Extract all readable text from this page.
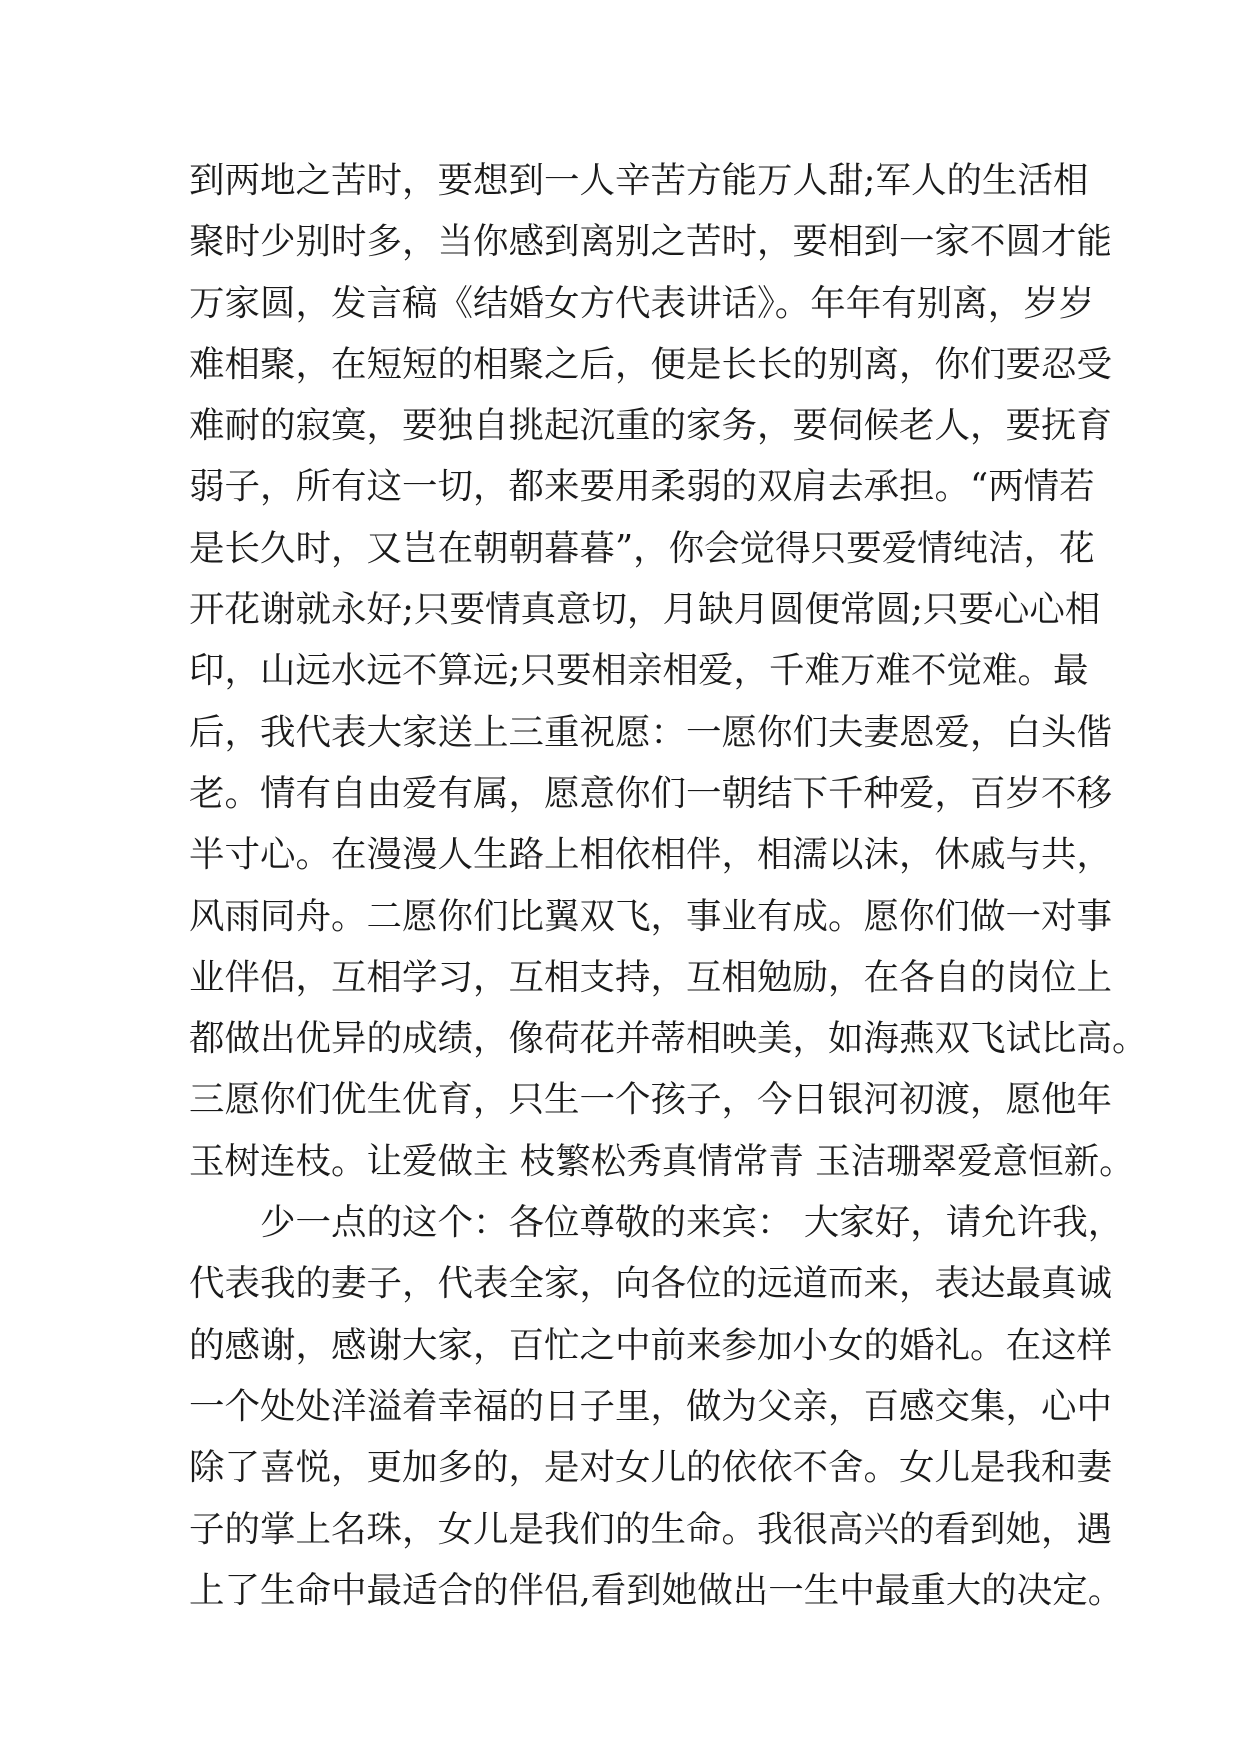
到两地之苦时，要想到一人辛苦方能万人甜;军人的生活相
聚时少别时多，当你感到离别之苦时，要相到一家不圆才能
万家圆，发言稿《结婚女方代表讲话》。年年有别离，岁岁
难相聚，在短短的相聚之后，便是长长的别离，你们要忍受
难耐的寂寞，要独自挑起沉重的家务，要伺候老人，要抚育
弱子，所有这一切，都来要用柔弱的双肩去承担。“两情若
是长久时，又岂在朝朝暮暮”，你会觉得只要爱情纯洁，花
开花谢就永好;只要情真意切，月缺月圆便常圆;只要心心相
印，山远水远不算远;只要相亲相爱，千难万难不觉难。最
后，我代表大家送上三重祝愿：一愿你们夫妻恩爱，白头偕
老。情有自由爱有属，愿意你们一朝结下千种爱，百岁不移
半寸心。在漫漫人生路上相依相伴，相濡以沫，休戚与共，
风雨同舟。二愿你们比翼双飞，事业有成。愿你们做一对事
业伴侣，互相学习，互相支持，互相勉励，在各自的岗位上
都做出优异的成绩，像荷花并蒂相映美，如海燕双飞试比高。
三愿你们优生优育，只生一个孩子，今日银河初渡，愿他年
玉树连枝。让爱做主 枝繁松秀真情常青 玉洁珊翠爱意恒新。
少一点的这个：各位尊敬的来宾： 大家好，请允许我，
代表我的妻子，代表全家，向各位的远道而来，表达最真诚
的感谢，感谢大家，百忙之中前来参加小女的婚礼。在这样
一个处处洋溢着幸福的日子里，做为父亲，百感交集，心中
除了喜悦，更加多的，是对女儿的依依不舍。女儿是我和妻
子的掌上名珠，女儿是我们的生命。我很高兴的看到她，遇
上了生命中最适合的伴侣,看到她做出一生中最重大的决定。
